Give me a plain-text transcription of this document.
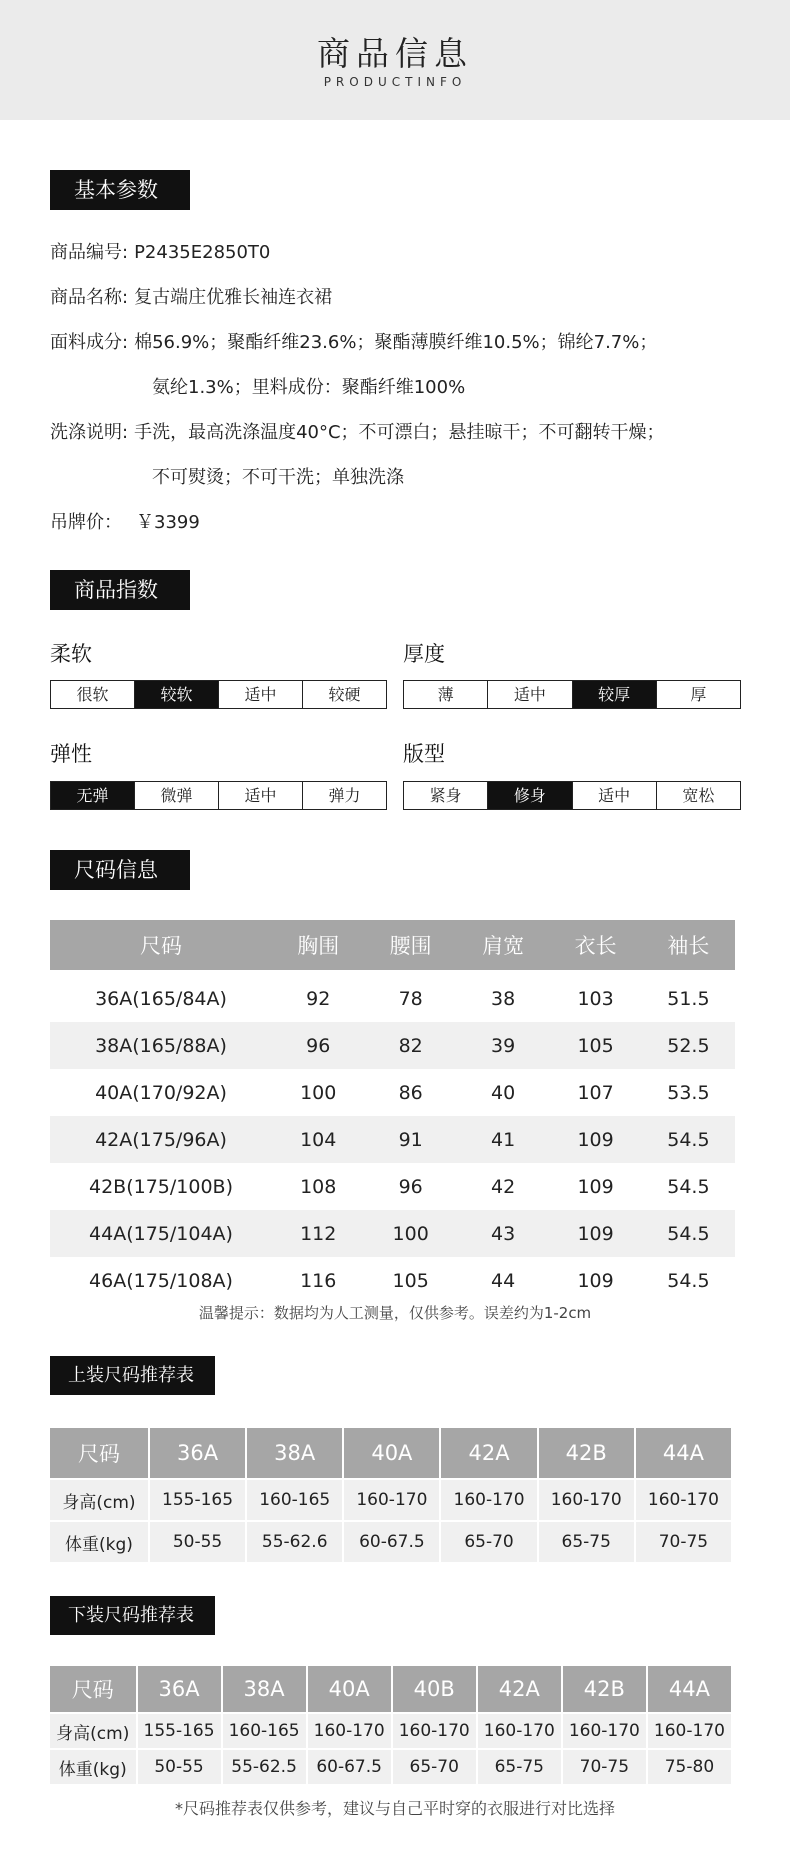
商品信息
PRODUCTINFO
基本参数
商品编号: P2435E2850T0
商品名称: 复古端庄优雅长袖连衣裙
面料成分: 棉56.9%；聚酯纤维23.6%；聚酯薄膜纤维10.5%；锦纶7.7%；
氨纶1.3%；里料成份：聚酯纤维100%
洗涤说明: 手洗，最高洗涤温度40°C；不可漂白；悬挂晾干；不可翻转干燥；
不可熨烫；不可干洗；单独洗涤
吊牌价： ￥3399
商品指数
柔软
很软	较软	适中	较硬
厚度
薄	适中	较厚	厚
弹性
无弹	微弹	适中	弹力
版型
紧身	修身	适中	宽松
尺码信息
尺码	胸围	腰围	肩宽	衣长	袖长
36A(165/84A)	92	78	38	103	51.5
38A(165/88A)	96	82	39	105	52.5
40A(170/92A)	100	86	40	107	53.5
42A(175/96A)	104	91	41	109	54.5
42B(175/100B)	108	96	42	109	54.5
44A(175/104A)	112	100	43	109	54.5
46A(175/108A)	116	105	44	109	54.5
温馨提示：数据均为人工测量，仅供参考。误差约为1-2cm
上装尺码推荐表
尺码	36A	38A	40A	42A	42B	44A
身高(cm)	155-165	160-165	160-170	160-170	160-170	160-170
体重(kg)	50-55	55-62.6	60-67.5	65-70	65-75	70-75
下装尺码推荐表
尺码	36A	38A	40A	40B	42A	42B	44A
身高(cm)	155-165	160-165	160-170	160-170	160-170	160-170	160-170
体重(kg)	50-55	55-62.5	60-67.5	65-70	65-75	70-75	75-80
*尺码推荐表仅供参考，建议与自己平时穿的衣服进行对比选择
